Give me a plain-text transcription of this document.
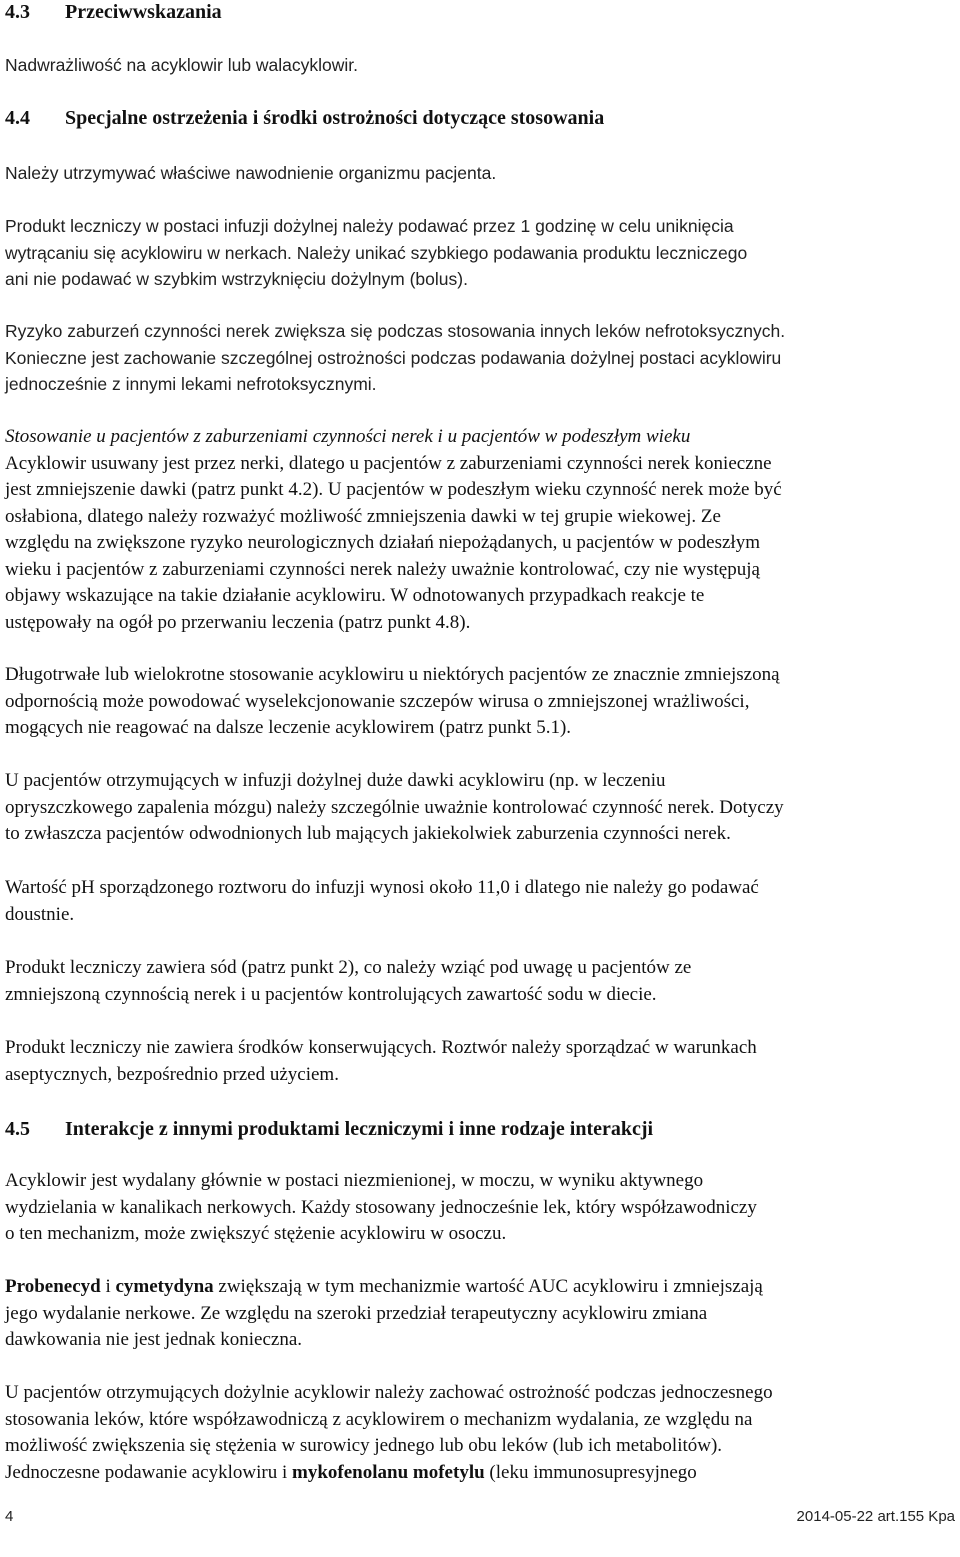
4.3 Przeciwwskazania

Nadwrażliwość na acyklowir lub walacyklowir.

4.4 Specjalne ostrzeżenia i środki ostrożności dotyczące stosowania

Należy utrzymywać właściwe nawodnienie organizmu pacjenta.

Produkt leczniczy w postaci infuzji dożylnej należy podawać przez 1 godzinę w celu uniknięcia

wytrącaniu się acyklowiru w nerkach. Należy unikać szybkiego podawania produktu leczniczego

ani nie podawać w szybkim wstrzyknięciu dożylnym (bolus).

Ryzyko zaburzeń czynności nerek zwiększa się podczas stosowania innych leków nefrotoksycznych.

Konieczne jest zachowanie szczególnej ostrożności podczas podawania dożylnej postaci acyklowiru

jednocześnie z innymi lekami nefrotoksycznymi.

Stosowanie u pacjentów z zaburzeniami czynności nerek i u pacjentów w podeszłym wieku

Acyklowir usuwany jest przez nerki, dlatego u pacjentów z zaburzeniami czynności nerek konieczne

jest zmniejszenie dawki (patrz punkt 4.2). U pacjentów w podeszłym wieku czynność nerek może być

osłabiona, dlatego należy rozważyć możliwość zmniejszenia dawki w tej grupie wiekowej. Ze

względu na zwiększone ryzyko neurologicznych działań niepożądanych, u pacjentów w podeszłym

wieku i pacjentów z zaburzeniami czynności nerek należy uważnie kontrolować, czy nie występują

objawy wskazujące na takie działanie acyklowiru. W odnotowanych przypadkach reakcje te

ustępowały na ogół po przerwaniu leczenia (patrz punkt 4.8).

Długotrwałe lub wielokrotne stosowanie acyklowiru u niektórych pacjentów ze znacznie zmniejszoną

odpornością może powodować wyselekcjonowanie szczepów wirusa o zmniejszonej wrażliwości,

mogących nie reagować na dalsze leczenie acyklowirem (patrz punkt 5.1).

U pacjentów otrzymujących w infuzji dożylnej duże dawki acyklowiru (np. w leczeniu

opryszczkowego zapalenia mózgu) należy szczególnie uważnie kontrolować czynność nerek. Dotyczy

to zwłaszcza pacjentów odwodnionych lub mających jakiekolwiek zaburzenia czynności nerek.

Wartość pH sporządzonego roztworu do infuzji wynosi około 11,0 i dlatego nie należy go podawać

doustnie.

Produkt leczniczy zawiera sód (patrz punkt 2), co należy wziąć pod uwagę u pacjentów ze

zmniejszoną czynnością nerek i u pacjentów kontrolujących zawartość sodu w diecie.

Produkt leczniczy nie zawiera środków konserwujących. Roztwór należy sporządzać w warunkach

aseptycznych, bezpośrednio przed użyciem.

4.5 Interakcje z innymi produktami leczniczymi i inne rodzaje interakcji

Acyklowir jest wydalany głównie w postaci niezmienionej, w moczu, w wyniku aktywnego

wydzielania w kanalikach nerkowych. Każdy stosowany jednocześnie lek, który współzawodniczy

o ten mechanizm, może zwiększyć stężenie acyklowiru w osoczu.

Probenecyd i cymetydyna zwiększają w tym mechanizmie wartość AUC acyklowiru i zmniejszają

jego wydalanie nerkowe. Ze względu na szeroki przedział terapeutyczny acyklowiru zmiana

dawkowania nie jest jednak konieczna.

U pacjentów otrzymujących dożylnie acyklowir należy zachować ostrożność podczas jednoczesnego

stosowania leków, które współzawodniczą z acyklowirem o mechanizm wydalania, ze względu na

możliwość zwiększenia się stężenia w surowicy jednego lub obu leków (lub ich metabolitów).

Jednoczesne podawanie acyklowiru i mykofenolanu mofetylu (leku immunosupresyjnego

4	2014-05-22 art.155 Kpa
